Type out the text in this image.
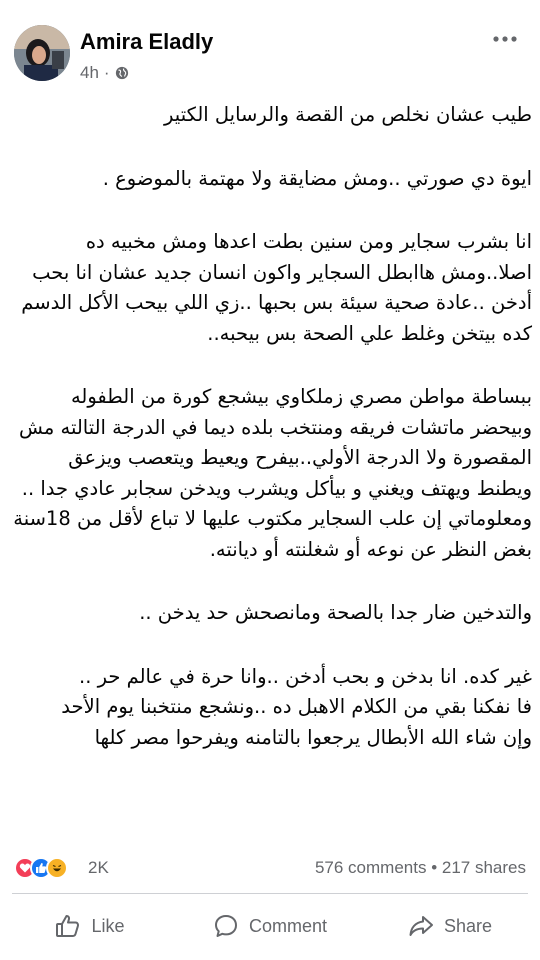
Amira Eladly
4h ·

طيب عشان نخلص من القصة والرسايل الكتير

ايوة دي صورتي ..ومش مضايقة ولا مهتمة بالموضوع .

انا بشرب سجاير ومن سنين بطت اعدها ومش مخبيه ده اصلا..ومش هاابطل السجاير واكون انسان جديد عشان انا بحب أدخن ..عادة صحية سيئة بس بحبها ..زي اللي بيحب الأكل الدسم كده بيتخن وغلط علي الصحة بس بيحبه..

ببساطة مواطن مصري زملكاوي بيشجع كورة من الطفوله وبيحضر ماتشات فريقه ومنتخب بلده ديما في الدرجة التالته مش المقصورة ولا الدرجة الأولي..بيفرح ويعيط ويتعصب ويزعق ويطنط ويهتف ويغني و بيأكل ويشرب ويدخن سجابر عادي جدا ..
ومعلوماتي إن علب السجاير مكتوب عليها لا تباع لأقل من 18سنة
بغض النظر عن نوعه أو شغلنته أو ديانته.

والتدخين ضار جدا بالصحة ومانصحش حد يدخن ..

غير كده. انا بدخن و بحب أدخن ..وانا حرة في عالم حر ..
فا نفكنا بقي من الكلام الاهبل ده ..ونشجع منتخبنا يوم الأحد
وإن شاء الله الأبطال يرجعوا بالتامنه ويفرحوا مصر كلها

2K	576 comments • 217 shares
Like	Comment	Share
